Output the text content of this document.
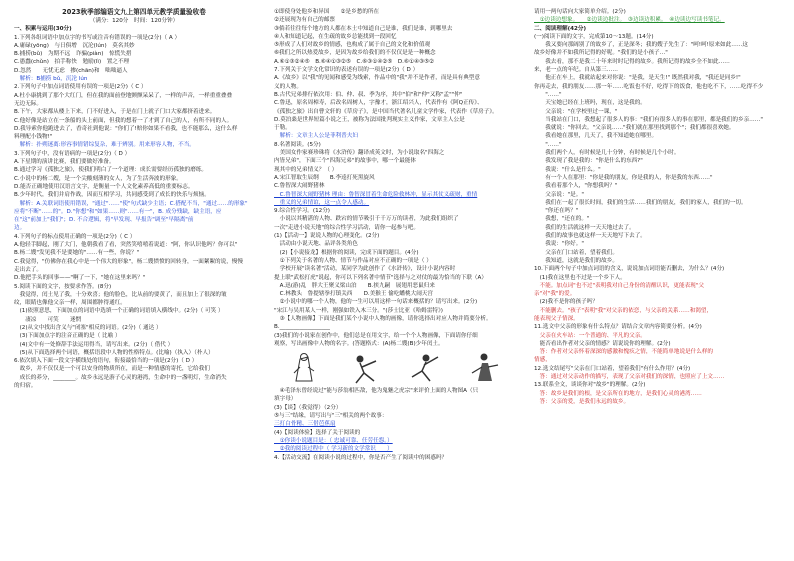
2023秋季部编语文九上第四单元教学质量验收卷
（满分：120分　时间：120分钟）
一、积累与运用(30分)
1.下列各组词语中加点字的书写或注音有错误的一项是(2分)（ A ）
A.庸碌(yōng)　与日俱增　沉沦(lún)　莫名其妙
B.捕捞(bǔ)　为期不远　诈骗(piàn)　惊慌失措
C.愚蠢(chǔn)　拍手称快　勉励(lì)　置之不理
D.忽然　　无忧无虑　掺(chān)和　咄咄逼人
　解析：B捕捞 bǔ，沉沦 lún
2.下列句子中加点词语使用有误的一项是(2分)（ C ）
A.杜小康挑到了那个大红门，但在我的面前登地颤颤呆呆了，一样的声音，一样重重叠叠
无边无际。
B.下午，大家都从楼上下来，门不好进入，于是在门上就子门口大家都挤着进来。
C.他好像是站立在一条船的头上前面，但我的想着一了才到了自己的人，有所不同的人。
D.我导索你他跑进去了，香奇社到他说："你们了!赔你如果不看我，也不能那么，这什么样
料理配小钱物!"
　解析：扑朔迷离:形容事情错综复杂，难于辨别。用来形容人物，不当。
3.下列句子中，没有语病的一项是(2分)（ D ）
A.下星期的演讲比赛，我们要做好准备。
B.通过学习《孤独之旅》，使我们明白了一个道理：成长需要经历孤独的磨练。
C.小说中的杨二嫂，是一个尖酸刻薄的女人，为了生活奔波的形象。
D.能否正确地使用汉语言文字，是衡量一个人文化素养高低的重要标志。
B.少年时代，我们并肩作战，因而互相学习，共同感受到了成长的快乐与烦恼。
　解析：A.关联词语使用错误，"通过"……"使"句式缺少主语；C.搭配不当，"通过……的形象"
应将"不断"……的"。D."你想"和"如果……则"……有一"，B. 成分残缺，缺主语，应
在"这"前加上"我们"；D. 不合逻辑，将"早发现、早报告"调至"早隔离"前
边。
4.下列句子的标点使用正确的一项是(2分)（ C ）
A.他轻手脚起，刚了大门，他朝我看了看，突然笑嘻嘻着说道："阿，你认识他吗？你可以"
B.杨二嫂"发见我不是要她的"……有一些，你说？"
C.我觉得，"仿佛你在我心中是一个伟大的形象"，杨二嫂愤愤的回转身，一面絮絮的说，慢慢
走出去了。
D.他把手头的回事——"啊了一下，"她在这里来吗？"
5.阅读下面的文字，按要求作答。(8分)
　我觉得，闰土见了我，十分欢喜；他的脸色，比从前的要黄了，而且加上了很深的皱
纹，眼睛也像他父亲一样，周围都肿得通红。
　(1)依照意思，下面加点的词语中选填一个正确的词语填入横线中。(2分)（ 可笑 ）
　　凄凉　　可笑　　迷惘
　(2)从文中找出含义与"闭塞"相反的词语。(2分)（ 通达 ）
　(3)下面加点字的注音正确的是（ 比喻 ）
　(4)文中有一处修辞手法运用得当，请写出来。(2分)（ 借代 ）
　(5)从下面选择两个词语，概括语段中人物的性格特点。(比喻)（执入）（朴人）
6.依次填入下面一段文字横线处的语句，衔接最恰当的一项是(2分)（ D ）
　故乡，并不仅仅是一个可以安身的物质所在，而是一种情感的寄托，它给我们
　成长的养分，________。故乡永远是游子心灵的港湾，生命中的一盏明灯，生命消失
的归宿。
①即使身处他乡和异国　　②是乡愁的所在
②还展现为有自己的邮票
③倘若往往每个地方的人都在本土中知道自己是谁，我们是谁，到哪里去
④人和知道记起，在生疏的故乡总能找到一段回忆
⑤形成了人们对故乡的情感，也构成了属于自己的文化和价值观
⑥我们之所以热爱故乡，是因为故乡给我们的不仅仅是是一种概念
A.⑥①③②④⑤　B.⑥④①③②⑤　C.⑥③①④②⑤　D.⑥①④③⑤②
7.下列关于文学文化常识的表述有误的一项是(2分)（ D ）
A.《故乡》以"我"的见闻和感受为线索，作品中的"我"并不是作者，而是具有典型意
义的人物。
B.古代兄弟排行依次用：伯、仲、叔、季为序，其中"伯"和"仲"又称"孟""仲"
C.鲁迅，原名周樟寿，后改名周树人，字豫才，浙江绍兴人，代表作有《阿Q正传》、
《孤独之旅》出自曹文轩的《草房子》，是中国当代著名儿童文学作家，代表作《草房子》。
D.莫泊桑是世界短篇小说之王，被称为法国批判现实主义作家，文章主人公是
于勒。
　解析：文章主人公是菲利普夫妇
8.名著阅读。(5分)
　美国女作家赛珍珠将《水浒传》翻译成英文时，为小说取名"四海之
内皆兄弟"，下面三个"四海兄弟"的故事中，哪一个最能体
现其中的兄弟情义？（ ）
A.宋江智取生辰纲　　B.李逵打死黑旋风
C.鲁智深大闹野猪林
　C.鲁智深大闹野猪林 理由：鲁智深冒着生命危险救林冲，显示其仗义疏财，重情
　重义的兄弟情谊，这一点令人感动。
9.综合性学习。(12分)
　小说以其精湛的人物、跌宕的情节吸引千千万万的读者，为此我们组织了
一次"走进小说天地"的综合性学习活动，请你一起参与吧。
(1)【活动一】说说人物的心理变化。(2分)
　活动由小说天地、品评各类角色
　(2)【小说接龙】根据你的阅读，完成下面的题目。(4分)
　①下列关于名著的人物、情节与作品对应不正确的一项是（ ）
　学校开展"读名著"活动，某同学为此创作了《水浒传》，设计小说内容时
提上联"武松打虎"说起，你可以下列名著中情节"选择与之对仗的最为恰当的下联（A）
　A.迅(游)乱　胖大王聚义梁山泊　　B.挟九嗣　展翅用恶鼠归来
　C.林教头　鲁提辖拳打镇关西　　D.美猴王 偷吃蟠桃大闹天宫
　②小说中的哪一个人物，他的一生可以用这样一句话来概括的？请写出来。(2分)
"宋江与吴用某人一样，刚强如铁入木三分。"(莎士比亚《哈姆雷特》)
　③【人物画像】下面是我们某个小说中人物的画像，请你选择出对应人物并简要分析。
B.__________________
(3)我们的小说家在创作中，他们总是在用文字，给一个个人物画像，下面请你仔细
观察，写出画像中人物的名字。(答题格式：(A)杨二嫂(B)少年闰土。
　④毛泽东曾经说过"能与莎翁相匹敌，他为鬼魅之虎宗"来评价上面的人物图A（只
填字母）
(3)【谈】（我觉得）（2分）
⑤与三"结缘，请写出与"三"相关的两个故事：
三打白骨精、三借芭蕉扇
(4)【阅读体验】选择了关于阅读的
　①你读小说题目是：（ 忠诚可靠、任劳任怨。）
　②我的阅读过程中（ 学习新的文学常识　　）
4.【活动交流】在阅读小说的过程中，你是否产生了阅读中的困惑吗？
请用一两句话向大家简单介绍。(2分)
　①边读边想象。　　②边读边批注。　③边读边积累。　④边读边写读书笔记。
二、阅读理解(42分)
(一)阅读下面的文字，完成第10～13题。(14分)
　　我又要向那阔别了的故乡了，正是深冬；我的嫂子先生了："呵!呵!原来如此……这
故乡好像并不如我所记得的好呢。"我们的是小孩子…"
　　我去看，那不是我二十年来时时记得的故乡。我所记得的故乡全不如此……
来，老一点的年纪。自从第三……
　　他正在车上，我就站起来对你说："是我，是天生!" 既然我对我，"我还是同乡!"
你再走去，我的朋友……那一年……吃饭也不好，吃得下的饭食，他也吃不下，……吃得不少
　　"……"
　　天宝她已经在上班吗，现在，这是我的。
　　父亲说："在学校里过一课，"
　　当我站在门口，我想起了很多人的事："我们有很多人的事在那里，都是我们的乡亲……"
　　我就说："你回去。"父亲说……"我们就在那里找到那个"；我们都很喜欢她。
　　我看她在那里，几天了，我不知道她在哪里。
　　"……"
　　我们两个人，有时候是几十分钟，有时候是几个小时。
　　我发现了我是我的："你是什么的东西?"
　　我说："什么是什么。"
　　有一个人在那里："你是我的朋友，你是我的人，你是我的东西……"
　　我看着那个人，"你想我吗？"
　　父亲说："是。"
　　我们在一起了很长时间，我们的生活……我们的朋友，我们的家人，我们的一切。
　　"你还在吗？"
　　我想，"还在的。"
　　我们的生活就这样一天天地过去了。
　　我们的故事也就这样一天天地写下去了。
　　我说："你好。"
　　父亲在门口站着，望着我们。
　　我知道，这就是我们的故乡。
10.下面两个句子中加点词语的含义，说说加点词语能否删去，为什么？(4分)
　(1)我在这里也不过是一个乡下人。
　不能。加点词"也不过"表明我对自己身份的清醒认识，更能表现"父
亲"对"我"的爱。
　(2)我不是你的孩子吗？
　不能删去。"孩子"表明"我"对父亲的依恋，与父亲的关系……和渴望，
能表现父子情深。
11.选文中父亲的形象有什么特点？请结合文章内容简要分析。(4分)
　父亲在火车站：一个普通的、平凡的父亲。
　能否看出作者对父亲的情感？请说说你的理解。(2分)
　答：作者对父亲怀着深深的感激和愧疚之情，不能简单地说是什么样的
情感，
12.选文结尾写"父亲在门口站着，望着我们"有什么作用？(4分)
　答：通过对父亲动作的描写，表现了父亲对我们的深情，也照应了上文……
13.联系全文，谈谈你对"故乡"的理解。(2分)
　答：故乡是我们的根，是父亲所在的地方，是我们心灵的港湾……
　答：父亲的爱，是我们永远的故乡。
